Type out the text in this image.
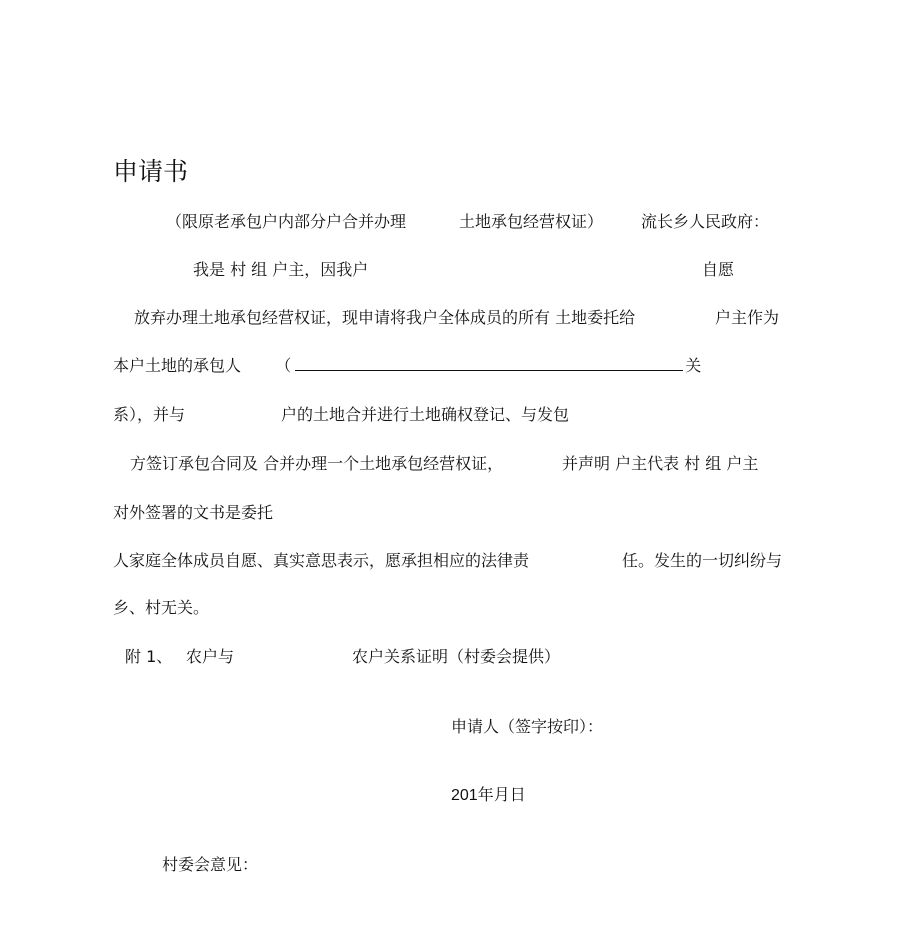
申请书
（限原老承包户内部分户合并办理	土地承包经营权证） 流长乡人民政府：
我是 村 组 户主，因我户	自愿
放弃办理土地承包经营权证，现申请将我户全体成员的所有 土地委托给	户主作为
本户土地的承包人 （	关
系），并与	户的土地合并进行土地确权登记、与发包
方签订承包合同及 合并办理一个土地承包经营权证，	并声明 户主代表 村 组 户主
对外签署的文书是委托
人家庭全体成员自愿、真实意思表示，愿承担相应的法律责	任。发生的一切纠纷与
乡、村无关。
附 1、 农户与	农户关系证明（村委会提供）
申请人（签字按印）：
201年月日
村委会意见：
